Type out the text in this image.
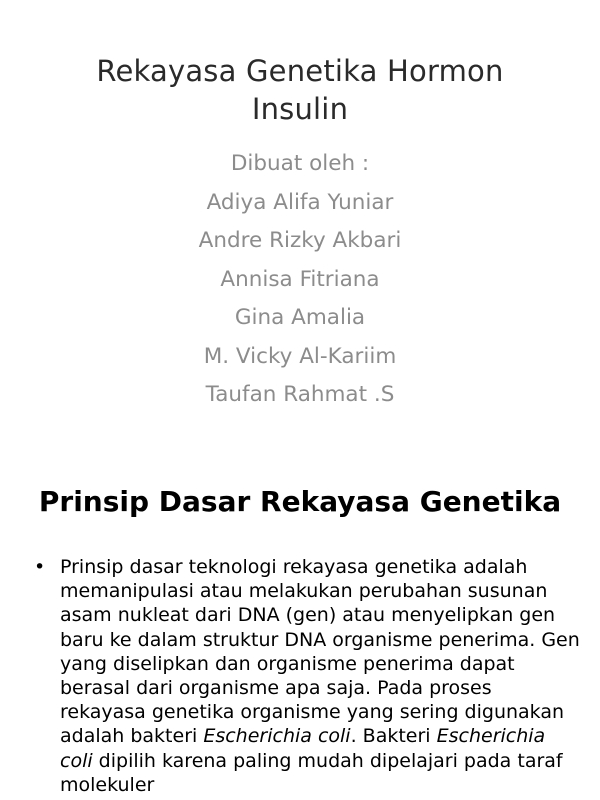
Rekayasa Genetika Hormon
Insulin
Dibuat oleh :
Adiya Alifa Yuniar
Andre Rizky Akbari
Annisa Fitriana
Gina Amalia
M. Vicky Al-Kariim
Taufan Rahmat .S
Prinsip Dasar Rekayasa Genetika
• Prinsip dasar teknologi rekayasa genetika adalah memanipulasi atau melakukan perubahan susunan asam nukleat dari DNA (gen) atau menyelipkan gen baru ke dalam struktur DNA organisme penerima. Gen yang diselipkan dan organisme penerima dapat berasal dari organisme apa saja. Pada proses rekayasa genetika organisme yang sering digunakan adalah bakteri Escherichia coli. Bakteri Escherichia coli dipilih karena paling mudah dipelajari pada taraf molekuler
